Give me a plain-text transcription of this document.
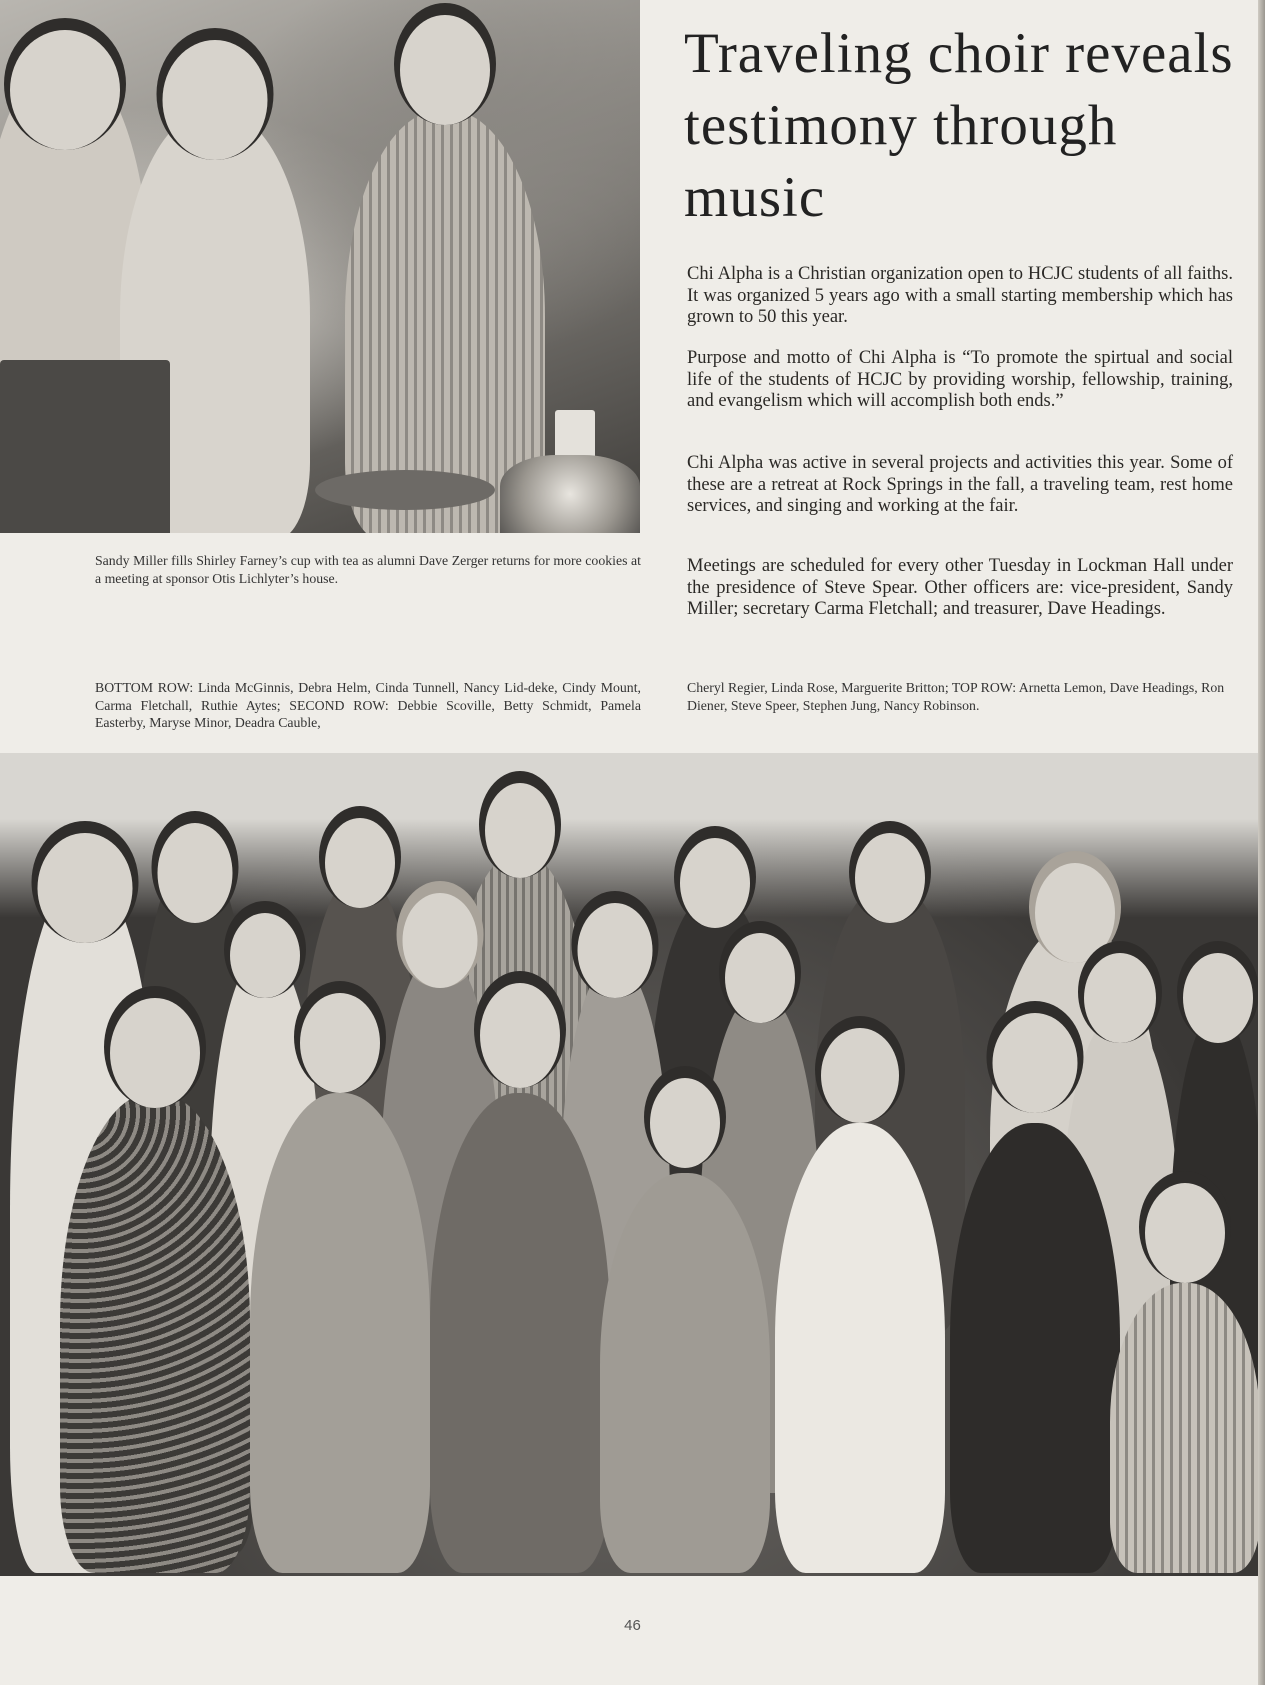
Traveling choir reveals testimony through music

Chi Alpha is a Christian organization open to HCJC students of all faiths. It was organized 5 years ago with a small starting membership which has grown to 50 this year.

Purpose and motto of Chi Alpha is “To promote the spirtual and social life of the students of HCJC by providing worship, fellowship, training, and evangelism which will accomplish both ends.”

Chi Alpha was active in several projects and activities this year. Some of these are a retreat at Rock Springs in the fall, a traveling team, rest home services, and singing and working at the fair.

Meetings are scheduled for every other Tuesday in Lockman Hall under the presidence of Steve Spear. Other officers are: vice-president, Sandy Miller; secretary Carma Fletchall; and treasurer, Dave Headings.

Sandy Miller fills Shirley Farney’s cup with tea as alumni Dave Zerger returns for more cookies at a meeting at sponsor Otis Lichlyter’s house.

BOTTOM ROW: Linda McGinnis, Debra Helm, Cinda Tunnell, Nancy Lid-deke, Cindy Mount, Carma Fletchall, Ruthie Aytes; SECOND ROW: Debbie Scoville, Betty Schmidt, Pamela Easterby, Maryse Minor, Deadra Cauble,

Cheryl Regier, Linda Rose, Marguerite Britton; TOP ROW: Arnetta Lemon, Dave Headings, Ron Diener, Steve Speer, Stephen Jung, Nancy Robinson.

46
